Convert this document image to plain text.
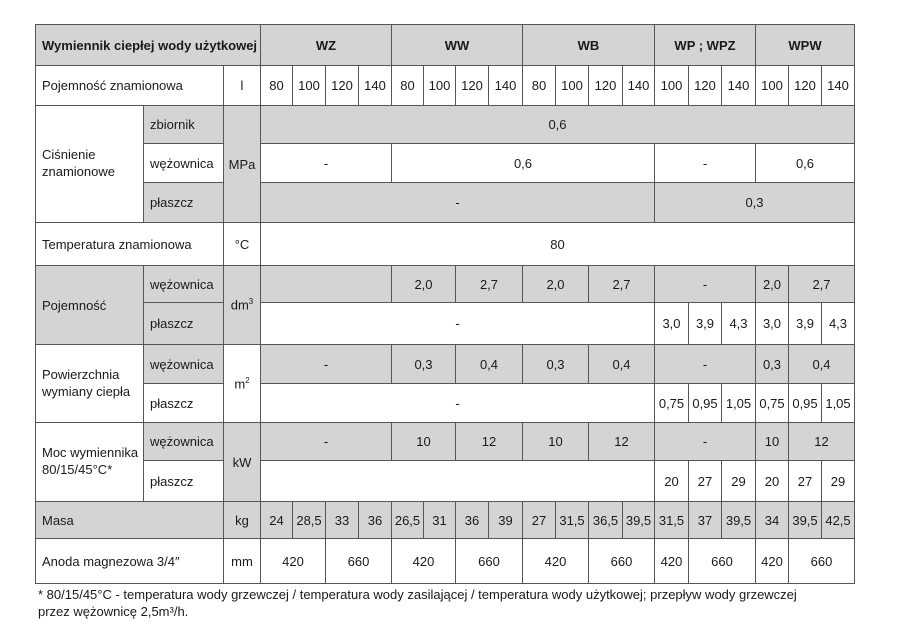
Wymiennik ciepłej wody użytkowej			WZ				WW				WB				WP ; WPZ			WPW		
Pojemność znamionowa		l	80	100	120	140	80	100	120	140	80	100	120	140	100	120	140	100	120	140
Ciśnienie znamionowe	zbiornik	MPa	0,6																	
	wężownica		-				0,6								-			0,6		
	płaszcz		-												0,3					
Temperatura znamionowa		°C	80																	
Pojemność	wężownica	$dm^3$					2,0		2,7		2,0		2,7		-			2,0	2,7	
	płaszcz		-												3,0	3,9	4,3	3,0	3,9	4,3
Powierzchnia wymiany ciepła	wężownica	$m^2$	-				0,3		0,4		0,3		0,4		-			0,3	0,4	
	płaszcz		-												0,75	0,95	1,05	0,75	0,95	1,05
Moc wymiennika 80/15/45°C*	wężownica	kW	-				10		12		10		12		-			10	12	
	płaszcz														20	27	29	20	27	29
Masa		kg	24	28,5	33	36	26,5	31	36	39	27	31,5	36,5	39,5	31,5	37	39,5	34	39,5	42,5
Anoda magnezowa 3/4″		mm	420		660		420		660		420		660		420	660		420	660	
* 80/15/45°C - temperatura wody grzewczej / temperatura wody zasilającej / temperatura wody użytkowej; przepływ wody grzewczej
przez wężownicę 2,5m³/h.
